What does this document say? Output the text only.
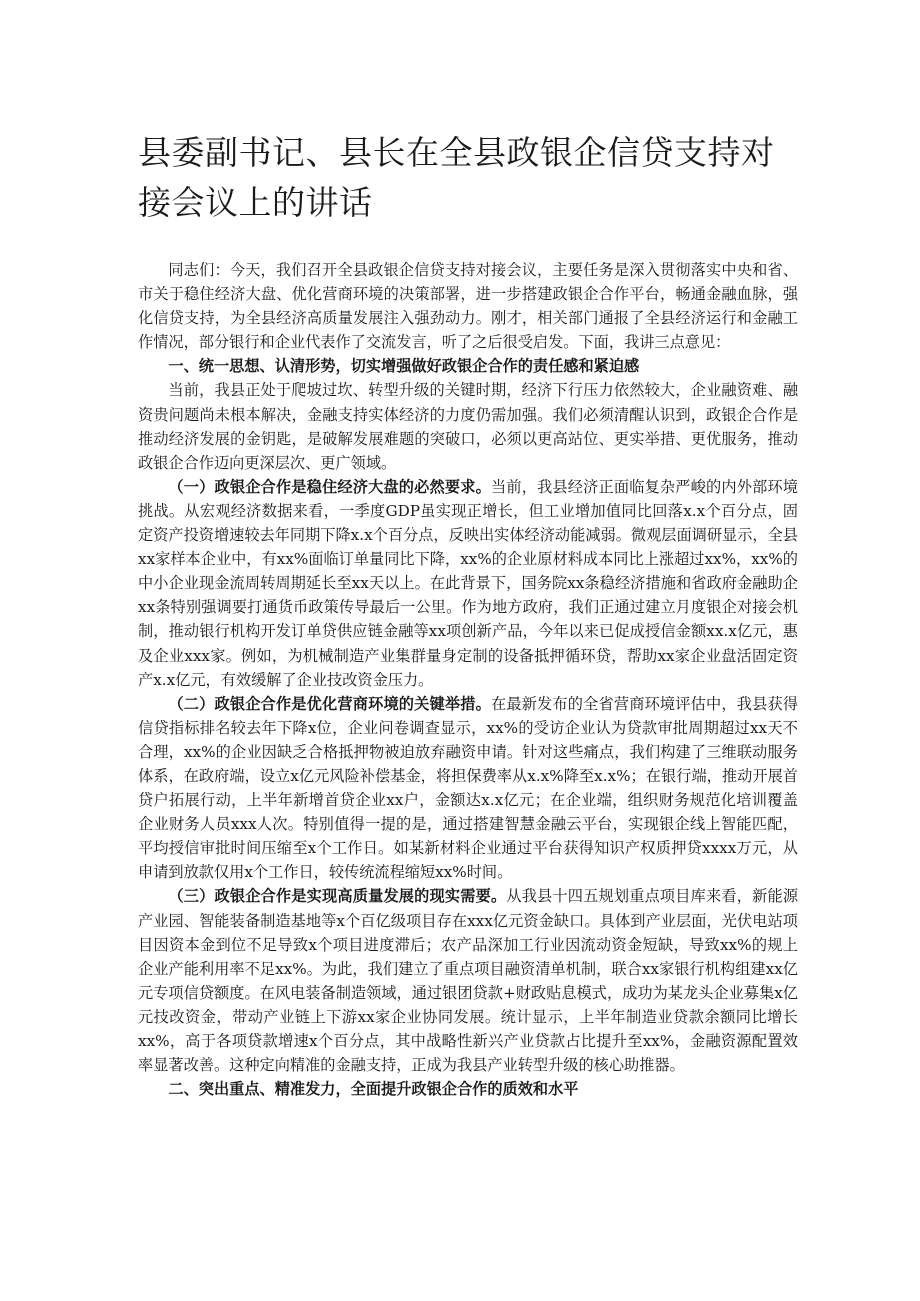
县委副书记、县长在全县政银企信贷支持对接会议上的讲话

同志们：今天，我们召开全县政银企信贷支持对接会议，主要任务是深入贯彻落实中央和省、市关于稳住经济大盘、优化营商环境的决策部署，进一步搭建政银企合作平台，畅通金融血脉，强化信贷支持，为全县经济高质量发展注入强劲动力。刚才，相关部门通报了全县经济运行和金融工作情况，部分银行和企业代表作了交流发言，听了之后很受启发。下面，我讲三点意见：

一、统一思想、认清形势，切实增强做好政银企合作的责任感和紧迫感

当前，我县正处于爬坡过坎、转型升级的关键时期，经济下行压力依然较大，企业融资难、融资贵问题尚未根本解决，金融支持实体经济的力度仍需加强。我们必须清醒认识到，政银企合作是推动经济发展的金钥匙，是破解发展难题的突破口，必须以更高站位、更实举措、更优服务，推动政银企合作迈向更深层次、更广领域。

（一）政银企合作是稳住经济大盘的必然要求。当前，我县经济正面临复杂严峻的内外部环境挑战。从宏观经济数据来看，一季度GDP虽实现正增长，但工业增加值同比回落x.x个百分点，固定资产投资增速较去年同期下降x.x个百分点，反映出实体经济动能减弱。微观层面调研显示，全县xx家样本企业中，有xx%面临订单量同比下降，xx%的企业原材料成本同比上涨超过xx%，xx%的中小企业现金流周转周期延长至xx天以上。在此背景下，国务院xx条稳经济措施和省政府金融助企xx条特别强调要打通货币政策传导最后一公里。作为地方政府，我们正通过建立月度银企对接会机制，推动银行机构开发订单贷供应链金融等xx项创新产品，今年以来已促成授信金额xx.x亿元，惠及企业xxx家。例如，为机械制造产业集群量身定制的设备抵押循环贷，帮助xx家企业盘活固定资产x.x亿元，有效缓解了企业技改资金压力。

（二）政银企合作是优化营商环境的关键举措。在最新发布的全省营商环境评估中，我县获得信贷指标排名较去年下降x位，企业问卷调查显示，xx%的受访企业认为贷款审批周期超过xx天不合理，xx%的企业因缺乏合格抵押物被迫放弃融资申请。针对这些痛点，我们构建了三维联动服务体系，在政府端，设立x亿元风险补偿基金，将担保费率从x.x%降至x.x%；在银行端，推动开展首贷户拓展行动，上半年新增首贷企业xx户，金额达x.x亿元；在企业端，组织财务规范化培训覆盖企业财务人员xxx人次。特别值得一提的是，通过搭建智慧金融云平台，实现银企线上智能匹配，平均授信审批时间压缩至x个工作日。如某新材料企业通过平台获得知识产权质押贷xxxx万元，从申请到放款仅用x个工作日，较传统流程缩短xx%时间。

（三）政银企合作是实现高质量发展的现实需要。从我县十四五规划重点项目库来看，新能源产业园、智能装备制造基地等x个百亿级项目存在xxx亿元资金缺口。具体到产业层面，光伏电站项目因资本金到位不足导致x个项目进度滞后；农产品深加工行业因流动资金短缺，导致xx%的规上企业产能利用率不足xx%。为此，我们建立了重点项目融资清单机制，联合xx家银行机构组建xx亿元专项信贷额度。在风电装备制造领域，通过银团贷款+财政贴息模式，成功为某龙头企业募集x亿元技改资金，带动产业链上下游xx家企业协同发展。统计显示，上半年制造业贷款余额同比增长xx%，高于各项贷款增速x个百分点，其中战略性新兴产业贷款占比提升至xx%，金融资源配置效率显著改善。这种定向精准的金融支持，正成为我县产业转型升级的核心助推器。

二、突出重点、精准发力，全面提升政银企合作的质效和水平
